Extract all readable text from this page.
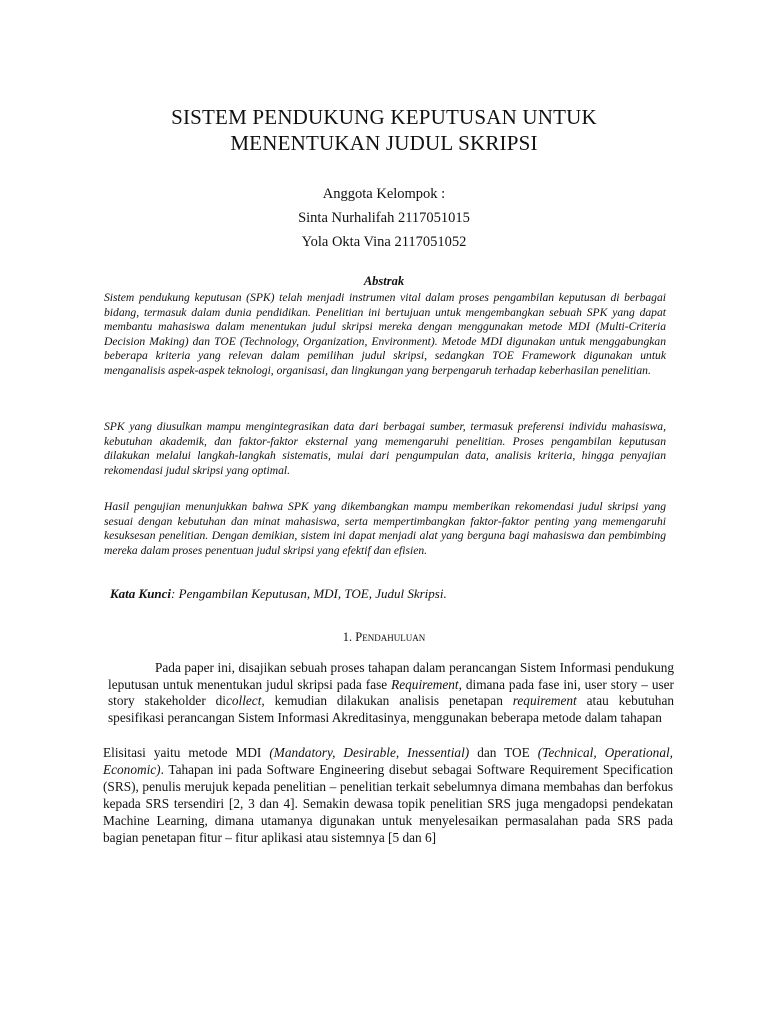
SISTEM PENDUKUNG KEPUTUSAN UNTUK
MENENTUKAN JUDUL SKRIPSI
Anggota Kelompok :
Sinta Nurhalifah 2117051015
Yola Okta Vina 2117051052
Abstrak
Sistem pendukung keputusan (SPK) telah menjadi instrumen vital dalam proses pengambilan keputusan di berbagai bidang, termasuk dalam dunia pendidikan. Penelitian ini bertujuan untuk mengembangkan sebuah SPK yang dapat membantu mahasiswa dalam menentukan judul skripsi mereka dengan menggunakan metode MDI (Multi-Criteria Decision Making) dan TOE (Technology, Organization, Environment). Metode MDI digunakan untuk menggabungkan beberapa kriteria yang relevan dalam pemilihan judul skripsi, sedangkan TOE Framework digunakan untuk menganalisis aspek-aspek teknologi, organisasi, dan lingkungan yang berpengaruh terhadap keberhasilan penelitian.
SPK yang diusulkan mampu mengintegrasikan data dari berbagai sumber, termasuk preferensi individu mahasiswa, kebutuhan akademik, dan faktor-faktor eksternal yang memengaruhi penelitian. Proses pengambilan keputusan dilakukan melalui langkah-langkah sistematis, mulai dari pengumpulan data, analisis kriteria, hingga penyajian rekomendasi judul skripsi yang optimal.
Hasil pengujian menunjukkan bahwa SPK yang dikembangkan mampu memberikan rekomendasi judul skripsi yang sesuai dengan kebutuhan dan minat mahasiswa, serta mempertimbangkan faktor-faktor penting yang memengaruhi kesuksesan penelitian. Dengan demikian, sistem ini dapat menjadi alat yang berguna bagi mahasiswa dan pembimbing mereka dalam proses penentuan judul skripsi yang efektif dan efisien.
Kata Kunci: Pengambilan Keputusan, MDI, TOE, Judul Skripsi.
1. Pendahuluan
Pada paper ini, disajikan sebuah proses tahapan dalam perancangan Sistem Informasi pendukung leputusan untuk menentukan judul skripsi pada fase Requirement, dimana pada fase ini, user story – user story stakeholder dicollect, kemudian dilakukan analisis penetapan requirement atau kebutuhan spesifikasi perancangan Sistem Informasi Akreditasinya, menggunakan beberapa metode dalam tahapan
Elisitasi yaitu metode MDI (Mandatory, Desirable, Inessential) dan TOE (Technical, Operational, Economic). Tahapan ini pada Software Engineering disebut sebagai Software Requirement Specification (SRS), penulis merujuk kepada penelitian – penelitian terkait sebelumnya dimana membahas dan berfokus kepada SRS tersendiri [2, 3 dan 4]. Semakin dewasa topik penelitian SRS juga mengadopsi pendekatan Machine Learning, dimana utamanya digunakan untuk menyelesaikan permasalahan pada SRS pada bagian penetapan fitur – fitur aplikasi atau sistemnya [5 dan 6]
